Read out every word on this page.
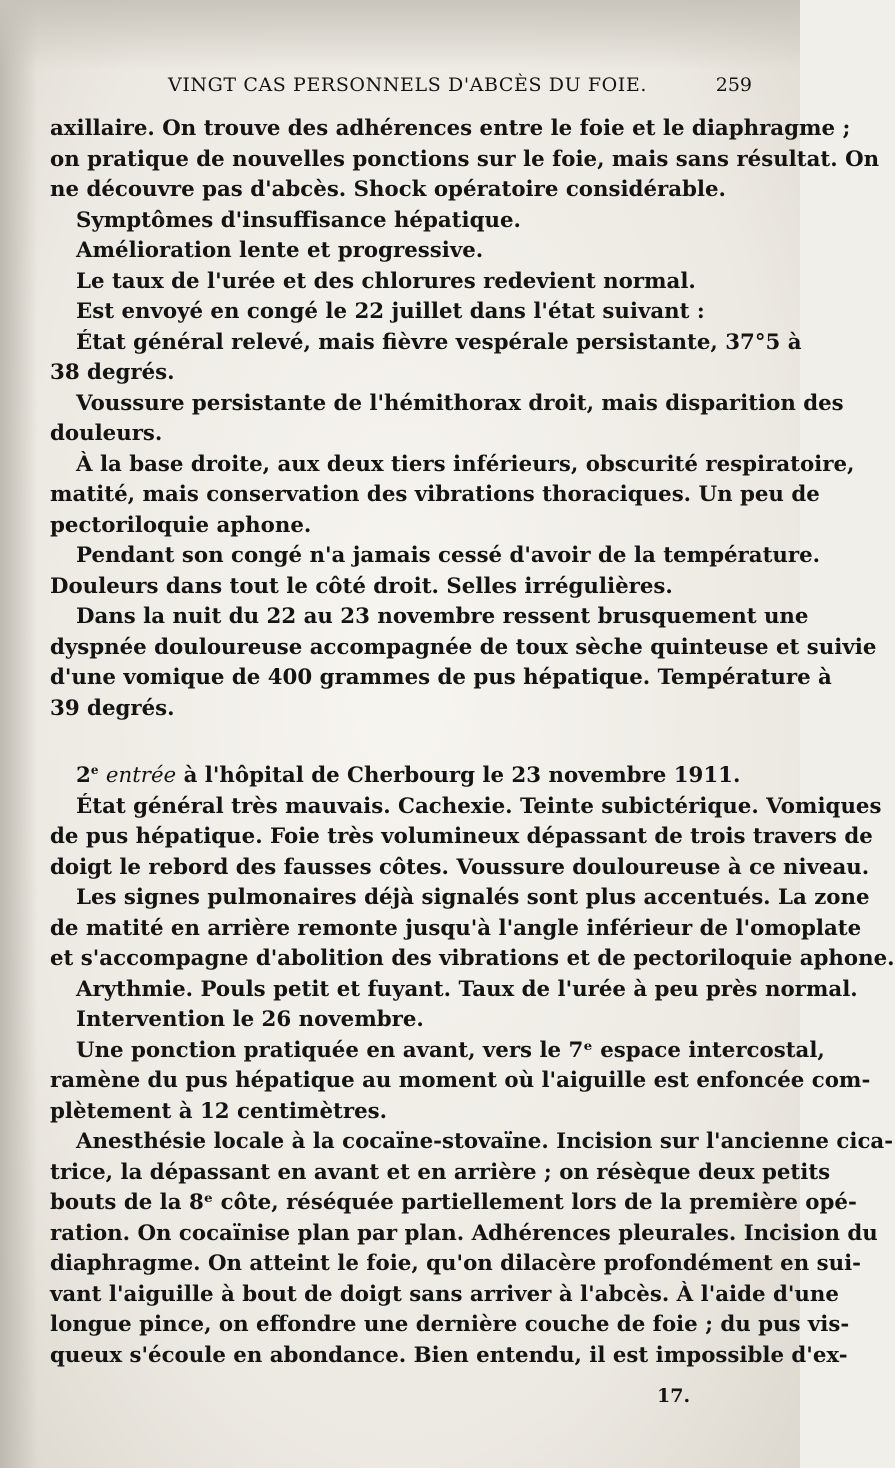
VINGT CAS PERSONNELS D'ABCÈS DU FOIE.	259
axillaire. On trouve des adhérences entre le foie et le diaphragme ;
on pratique de nouvelles ponctions sur le foie, mais sans résultat. On
ne découvre pas d'abcès. Shock opératoire considérable.
Symptômes d'insuffisance hépatique.
Amélioration lente et progressive.
Le taux de l'urée et des chlorures redevient normal.
Est envoyé en congé le 22 juillet dans l'état suivant :
État général relevé, mais fièvre vespérale persistante, 37°5 à
38 degrés.
Voussure persistante de l'hémithorax droit, mais disparition des
douleurs.
À la base droite, aux deux tiers inférieurs, obscurité respiratoire,
matité, mais conservation des vibrations thoraciques. Un peu de
pectoriloquie aphone.
Pendant son congé n'a jamais cessé d'avoir de la température.
Douleurs dans tout le côté droit. Selles irrégulières.
Dans la nuit du 22 au 23 novembre ressent brusquement une
dyspnée douloureuse accompagnée de toux sèche quinteuse et suivie
d'une vomique de 400 grammes de pus hépatique. Température à
39 degrés.
2e entrée à l'hôpital de Cherbourg le 23 novembre 1911.
État général très mauvais. Cachexie. Teinte subictérique. Vomiques
de pus hépatique. Foie très volumineux dépassant de trois travers de
doigt le rebord des fausses côtes. Voussure douloureuse à ce niveau.
Les signes pulmonaires déjà signalés sont plus accentués. La zone
de matité en arrière remonte jusqu'à l'angle inférieur de l'omoplate
et s'accompagne d'abolition des vibrations et de pectoriloquie aphone.
Arythmie. Pouls petit et fuyant. Taux de l'urée à peu près normal.
Intervention le 26 novembre.
Une ponction pratiquée en avant, vers le 7ᵉ espace intercostal,
ramène du pus hépatique au moment où l'aiguille est enfoncée com-
plètement à 12 centimètres.
Anesthésie locale à la cocaïne-stovaïne. Incision sur l'ancienne cica-
trice, la dépassant en avant et en arrière ; on résèque deux petits
bouts de la 8ᵉ côte, réséquée partiellement lors de la première opé-
ration. On cocaïnise plan par plan. Adhérences pleurales. Incision du
diaphragme. On atteint le foie, qu'on dilacère profondément en sui-
vant l'aiguille à bout de doigt sans arriver à l'abcès. À l'aide d'une
longue pince, on effondre une dernière couche de foie ; du pus vis-
queux s'écoule en abondance. Bien entendu, il est impossible d'ex-
17.
